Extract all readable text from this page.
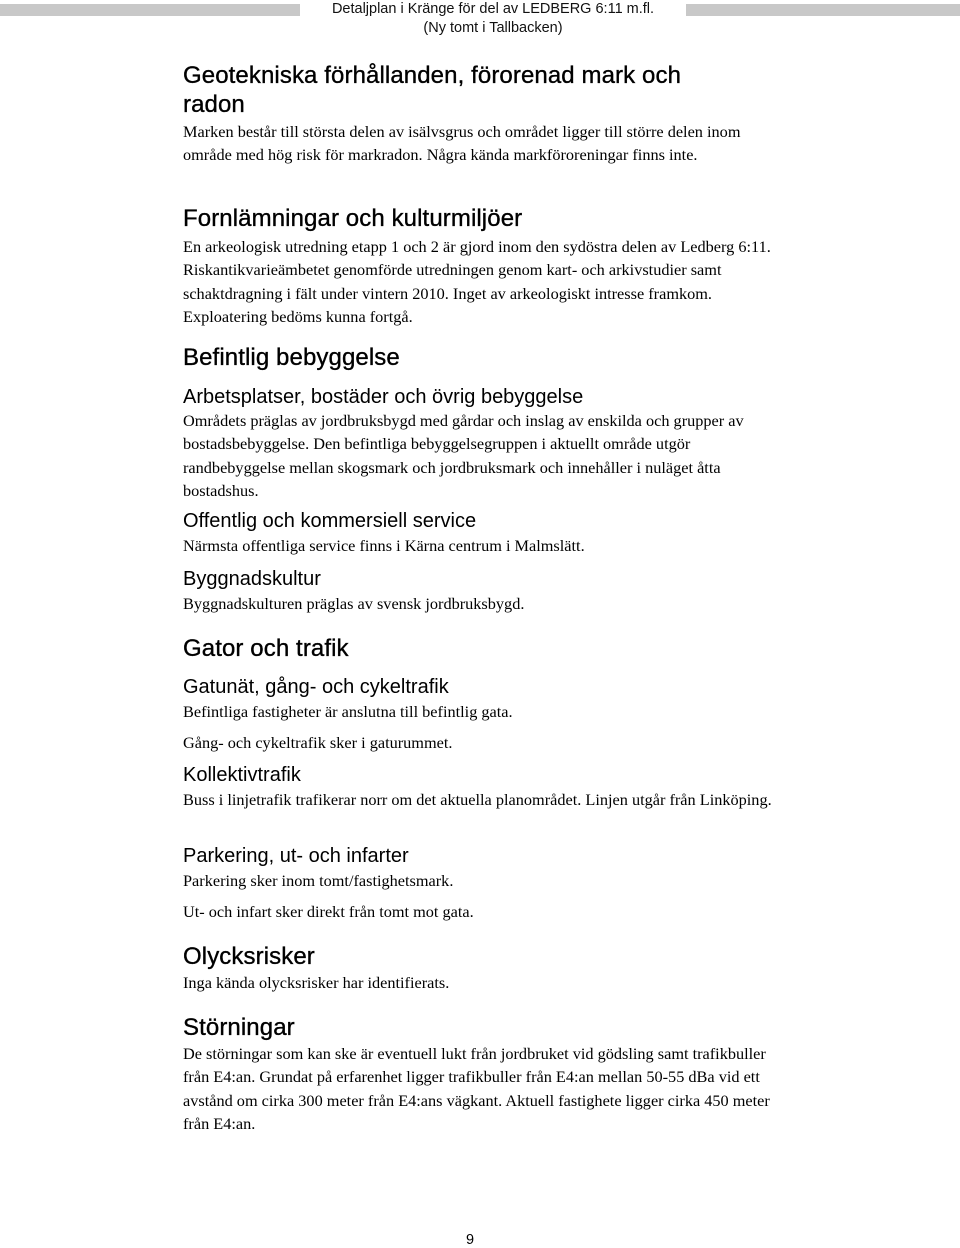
Detaljplan i Kränge för del av LEDBERG 6:11 m.fl.
(Ny tomt i Tallbacken)
Geotekniska förhållanden, förorenad mark och
radon

Marken består till största delen av isälvsgrus och området ligger till större delen inom område med hög risk för markradon. Några kända markföroreningar finns inte.

Fornlämningar och kulturmiljöer

En arkeologisk utredning etapp 1 och 2 är gjord inom den sydöstra delen av Ledberg 6:11. Riskantikvarieämbetet genomförde utredningen genom kart- och arkivstudier samt schaktdragning i fält under vintern 2010. Inget av arkeologiskt intresse framkom. Exploatering bedöms kunna fortgå.

Befintlig bebyggelse
Arbetsplatser, bostäder och övrig bebyggelse

Områdets präglas av jordbruksbygd med gårdar och inslag av enskilda och grupper av bostadsbebyggelse. Den befintliga bebyggelsegruppen i aktuellt område utgör randbebyggelse mellan skogsmark och jordbruksmark och innehåller i nuläget åtta bostadshus.

Offentlig och kommersiell service

Närmsta offentliga service finns i Kärna centrum i Malmslätt.

Byggnadskultur

Byggnadskulturen präglas av svensk jordbruksbygd.

Gator och trafik
Gatunät, gång- och cykeltrafik

Befintliga fastigheter är anslutna till befintlig gata.

Gång- och cykeltrafik sker i gaturummet.

Kollektivtrafik

Buss i linjetrafik trafikerar norr om det aktuella planområdet. Linjen utgår från Linköping.

Parkering, ut- och infarter

Parkering sker inom tomt/fastighetsmark.

Ut- och infart sker direkt från tomt mot gata.

Olycksrisker

Inga kända olycksrisker har identifierats.

Störningar

De störningar som kan ske är eventuell lukt från jordbruket vid gödsling samt trafikbuller från E4:an. Grundat på erfarenhet ligger trafikbuller från E4:an mellan 50-55 dBa vid ett avstånd om cirka 300 meter från E4:ans vägkant. Aktuell fastighete ligger cirka 450 meter från E4:an.

9
